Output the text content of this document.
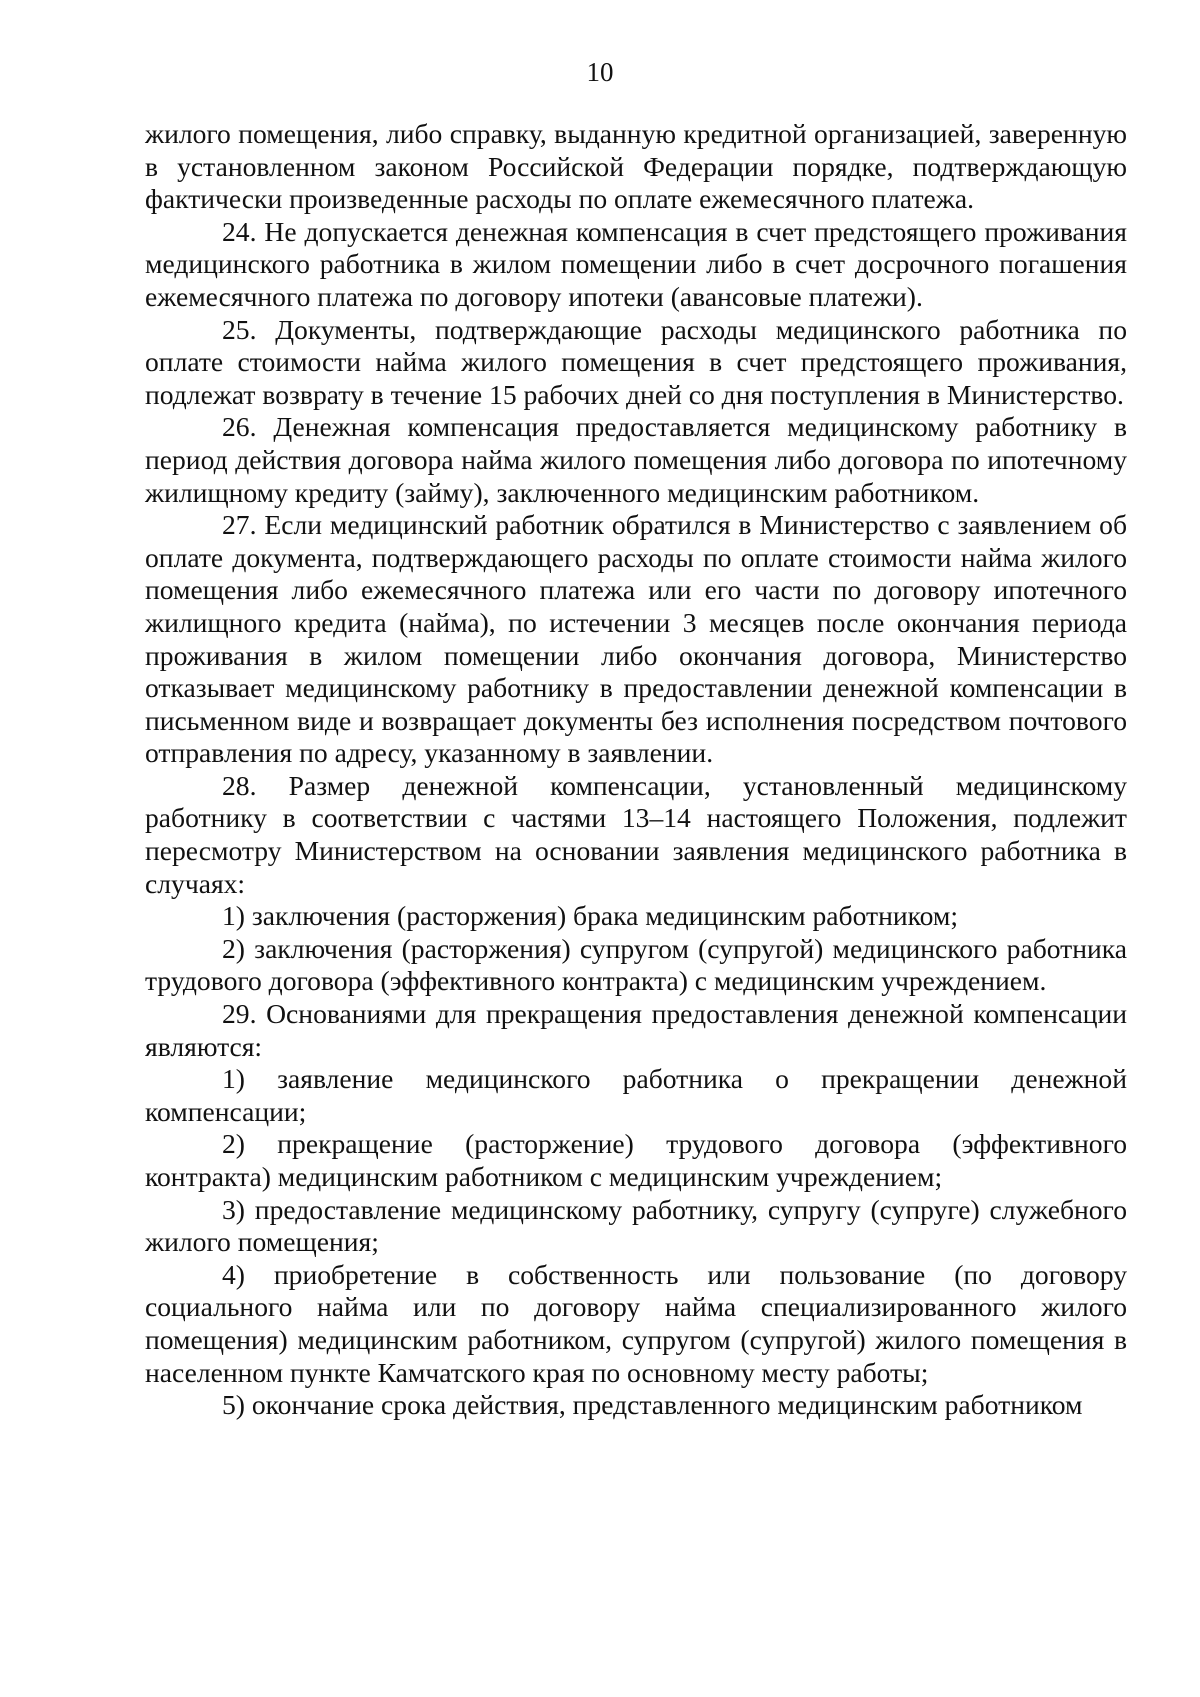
10

жилого помещения, либо справку, выданную кредитной организацией, заверенную в установленном законом Российской Федерации порядке, подтверждающую фактически произведенные расходы по оплате ежемесячного платежа.

24. Не допускается денежная компенсация в счет предстоящего проживания медицинского работника в жилом помещении либо в счет досрочного погашения ежемесячного платежа по договору ипотеки (авансовые платежи).

25. Документы, подтверждающие расходы медицинского работника по оплате стоимости найма жилого помещения в счет предстоящего проживания, подлежат возврату в течение 15 рабочих дней со дня поступления в Министерство.

26. Денежная компенсация предоставляется медицинскому работнику в период действия договора найма жилого помещения либо договора по ипотечному жилищному кредиту (займу), заключенного медицинским работником.

27. Если медицинский работник обратился в Министерство с заявлением об оплате документа, подтверждающего расходы по оплате стоимости найма жилого помещения либо ежемесячного платежа или его части по договору ипотечного жилищного кредита (найма), по истечении 3 месяцев после окончания периода проживания в жилом помещении либо окончания договора, Министерство отказывает медицинскому работнику в предоставлении денежной компенсации в письменном виде и возвращает документы без исполнения посредством почтового отправления по адресу, указанному в заявлении.

28. Размер денежной компенсации, установленный медицинскому работнику в соответствии с частями 13–14 настоящего Положения, подлежит пересмотру Министерством на основании заявления медицинского работника в случаях:

1) заключения (расторжения) брака медицинским работником;

2) заключения (расторжения) супругом (супругой) медицинского работника трудового договора (эффективного контракта) с медицинским учреждением.

29. Основаниями для прекращения предоставления денежной компенсации являются:

1) заявление медицинского работника о прекращении денежной компенсации;

2) прекращение (расторжение) трудового договора (эффективного контракта) медицинским работником с медицинским учреждением;

3) предоставление медицинскому работнику, супругу (супруге) служебного жилого помещения;

4) приобретение в собственность или пользование (по договору социального найма или по договору найма специализированного жилого помещения) медицинским работником, супругом (супругой) жилого помещения в населенном пункте Камчатского края по основному месту работы;

5) окончание срока действия, представленного медицинским работником
